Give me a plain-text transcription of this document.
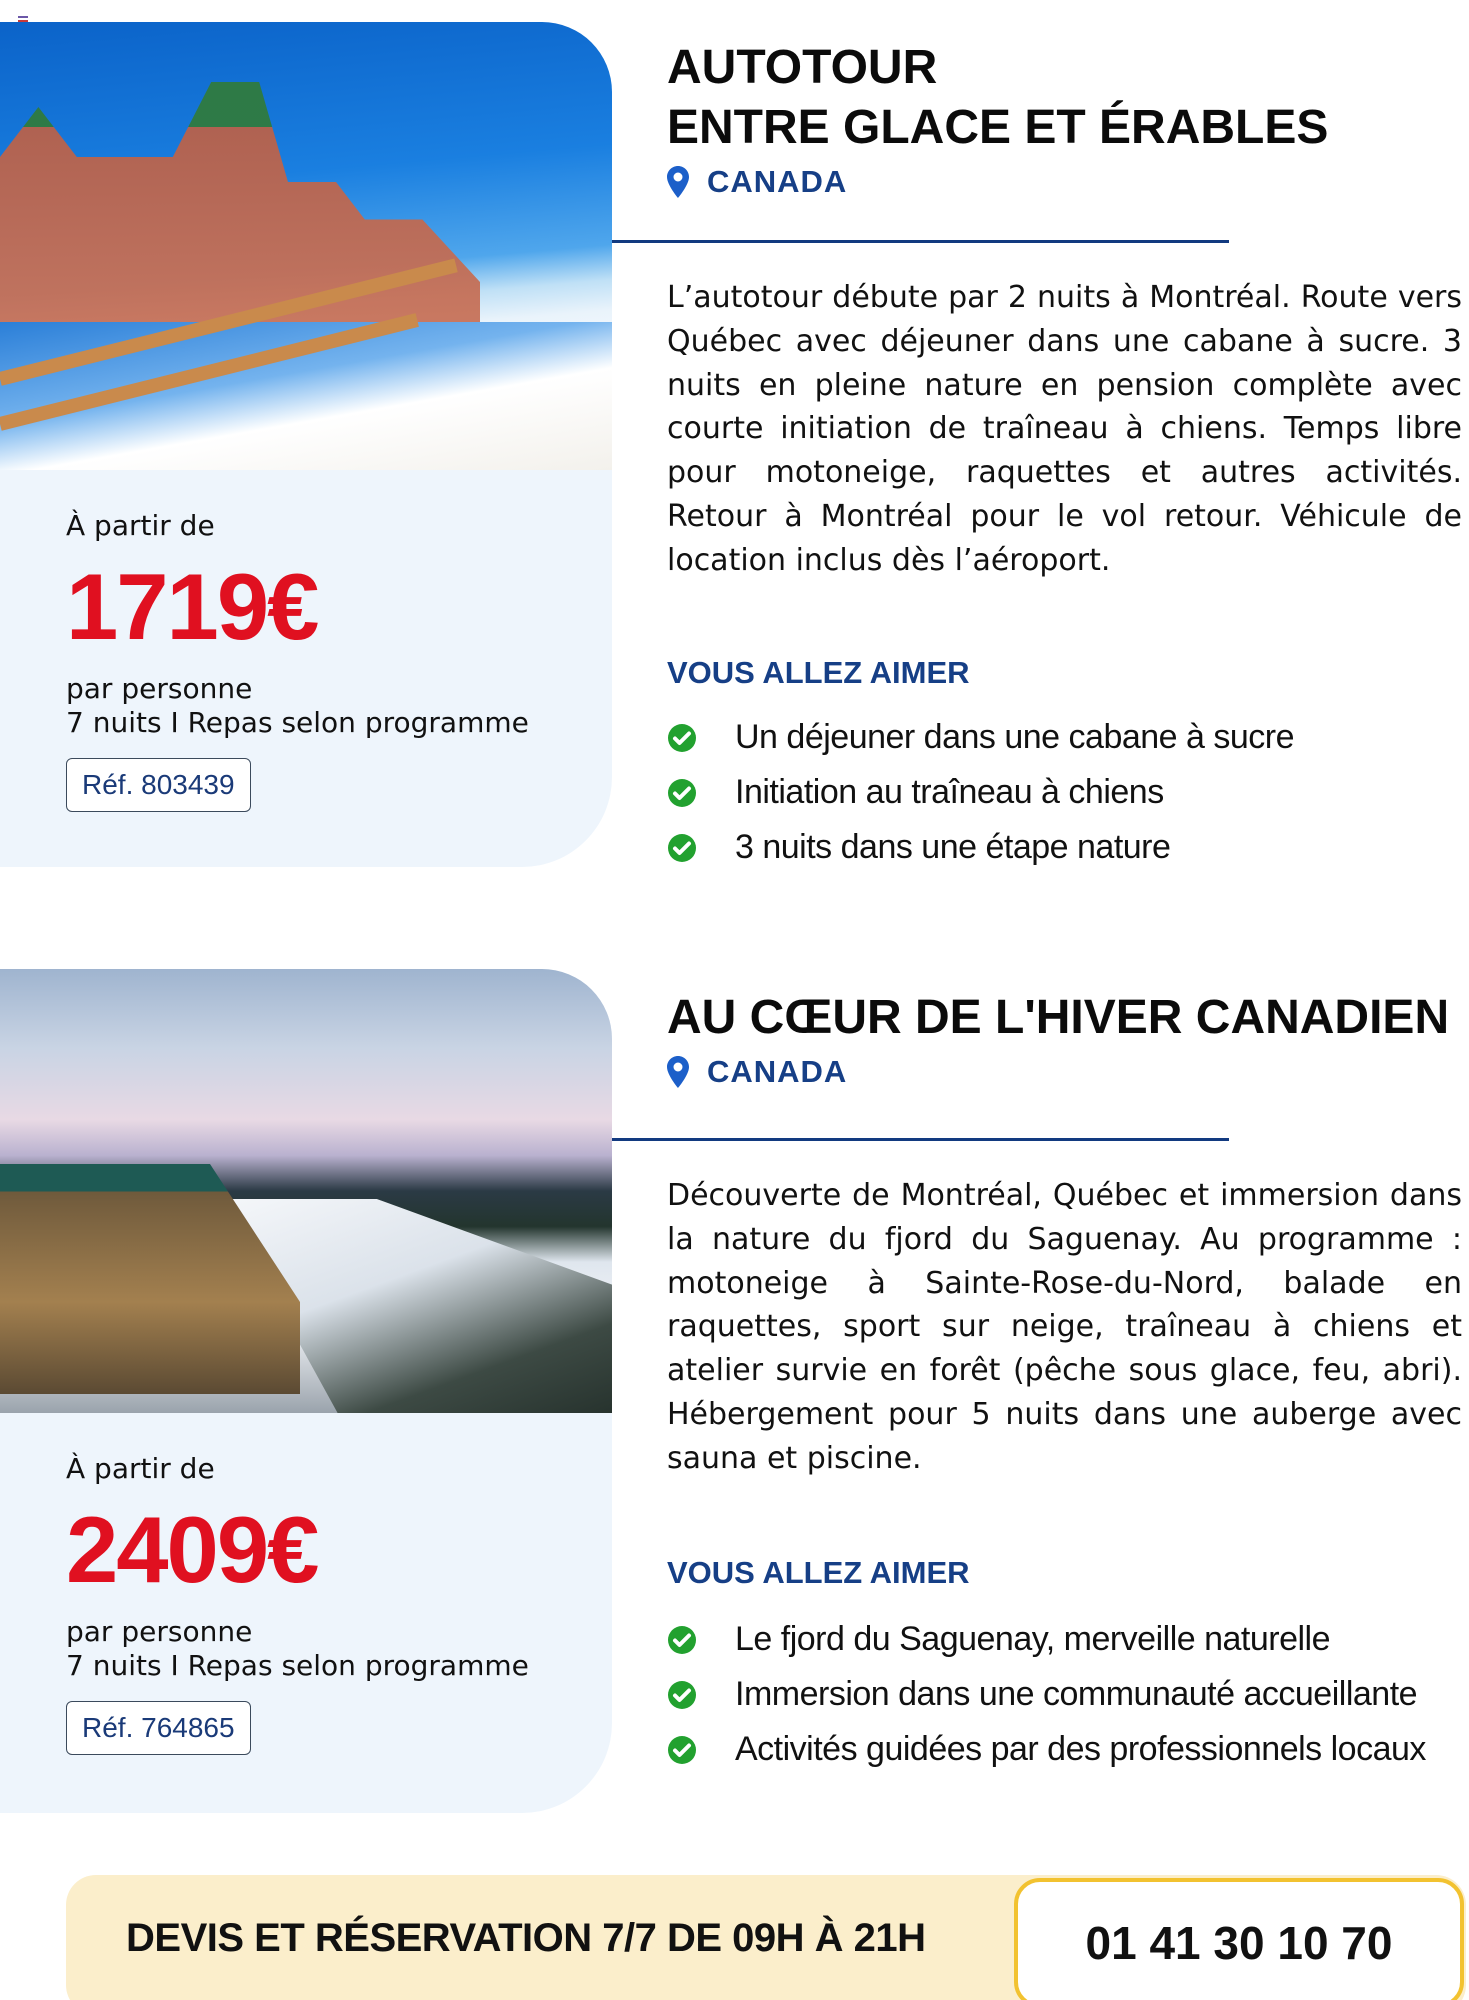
À partir de
1719€
par personne
7 nuits I Repas selon programme
Réf. 803439
AUTOTOUR
ENTRE GLACE ET ÉRABLES
CANADA

L’autotour débute par 2 nuits à Montréal. Route vers Québec avec déjeuner dans une cabane à sucre. 3 nuits en pleine nature en pension complète avec courte initiation de traîneau à chiens. Temps libre pour motoneige, raquettes et autres activités. Retour à Montréal pour le vol retour. Véhicule de location inclus dès l’aéroport.

VOUS ALLEZ AIMER
Un déjeuner dans une cabane à sucre
Initiation au traîneau à chiens
3 nuits dans une étape nature
À partir de
2409€
par personne
7 nuits I Repas selon programme
Réf. 764865
AU CŒUR DE L'HIVER CANADIEN
CANADA

Découverte de Montréal, Québec et immersion dans la nature du fjord du Saguenay. Au programme : motoneige à Sainte-Rose-du-Nord, balade en raquettes, sport sur neige, traîneau à chiens et atelier survie en forêt (pêche sous glace, feu, abri). Hébergement pour 5 nuits dans une auberge avec sauna et piscine.

VOUS ALLEZ AIMER
Le fjord du Saguenay, merveille naturelle
Immersion dans une communauté accueillante
Activités guidées par des professionnels locaux
DEVIS ET RÉSERVATION 7/7 DE 09H À 21H	01 41 30 10 70
